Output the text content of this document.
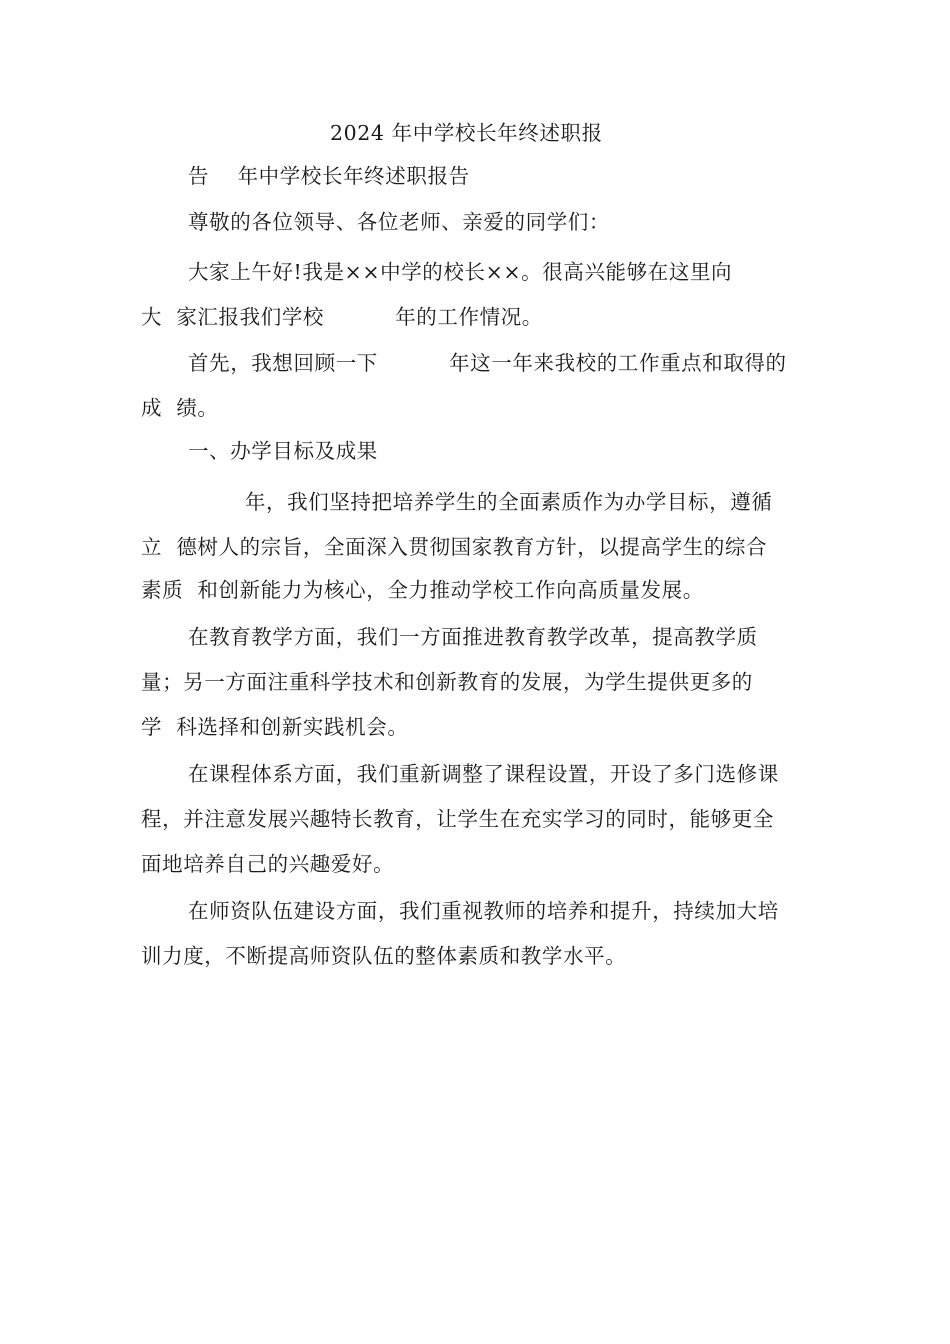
2024 年中学校长年终述职报
告    年中学校长年终述职报告
尊敬的各位领导、各位老师、亲爱的同学们：
大家上午好!我是××中学的校长××。很高兴能够在这里向
大  家汇报我们学校          年的工作情况。
首先，我想回顾一下          年这一年来我校的工作重点和取得的
成  绩。
一、办学目标及成果
年，我们坚持把培养学生的全面素质作为办学目标，遵循
立  德树人的宗旨，全面深入贯彻国家教育方针，以提高学生的综合
素质  和创新能力为核心，全力推动学校工作向高质量发展。
在教育教学方面，我们一方面推进教育教学改革，提高教学质
量；另一方面注重科学技术和创新教育的发展，为学生提供更多的
学  科选择和创新实践机会。
在课程体系方面，我们重新调整了课程设置，开设了多门选修课
程，并注意发展兴趣特长教育，让学生在充实学习的同时，能够更全
面地培养自己的兴趣爱好。
在师资队伍建设方面，我们重视教师的培养和提升，持续加大培
训力度，不断提高师资队伍的整体素质和教学水平。
